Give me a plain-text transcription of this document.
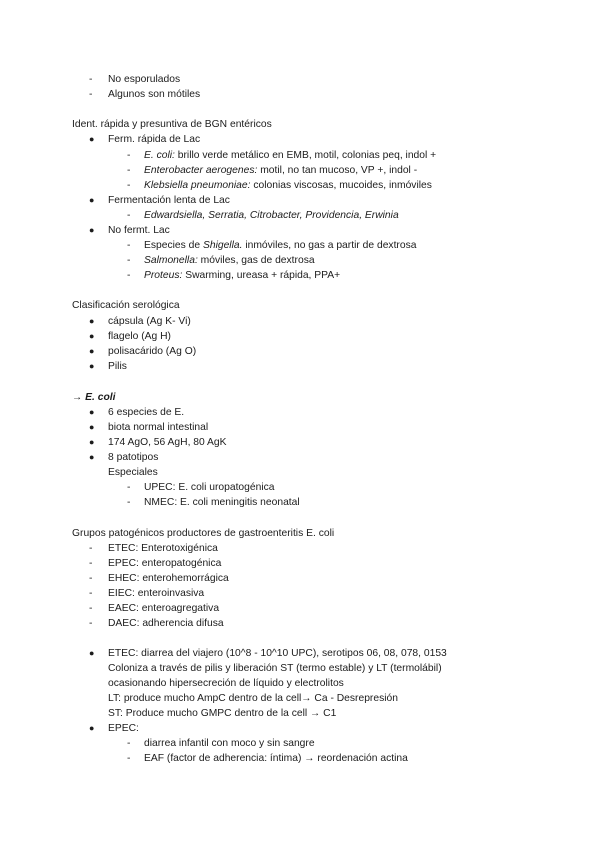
- No esporulados
- Algunos son mótiles
Ident. rápida y presuntiva de BGN entéricos
● Ferm. rápida de Lac
- E. coli: brillo verde metálico en EMB, motil, colonias peq, indol +
- Enterobacter aerogenes: motil, no tan mucoso, VP +, indol -
- Klebsiella pneumoniae: colonias viscosas, mucoides, inmóviles
● Fermentación lenta de Lac
- Edwardsiella, Serratia, Citrobacter, Providencia, Erwinia
● No fermt. Lac
- Especies de Shigella. inmóviles, no gas a partir de dextrosa
- Salmonella: móviles, gas de dextrosa
- Proteus: Swarming, ureasa + rápida, PPA+
Clasificación serológica
● cápsula (Ag K- Vi)
● flagelo (Ag H)
● polisacárido (Ag O)
● Pilis
→ E. coli
● 6 especies de E.
● biota normal intestinal
● 174 AgO, 56 AgH, 80 AgK
● 8 patotipos
Especiales
- UPEC: E. coli uropatogénica
- NMEC: E. coli meningitis neonatal
Grupos patogénicos productores de gastroenteritis E. coli
- ETEC: Enterotoxigénica
- EPEC: enteropatogénica
- EHEC: enterohemorrágica
- EIEC: enteroinvasiva
- EAEC: enteroagregativa
- DAEC: adherencia difusa
● ETEC: diarrea del viajero (10^8 - 10^10 UPC), serotipos 06, 08, 078, 0153
Coloniza a través de pilis y liberación ST (termo estable) y LT (termolábil)
ocasionando hipersecreción de líquido y electrolitos
LT: produce mucho AmpC dentro de la cell→ Ca - Desrepresión
ST: Produce mucho GMPC dentro de la cell → C1
● EPEC:
- diarrea infantil con moco y sin sangre
- EAF (factor de adherencia: íntima) → reordenación actina
